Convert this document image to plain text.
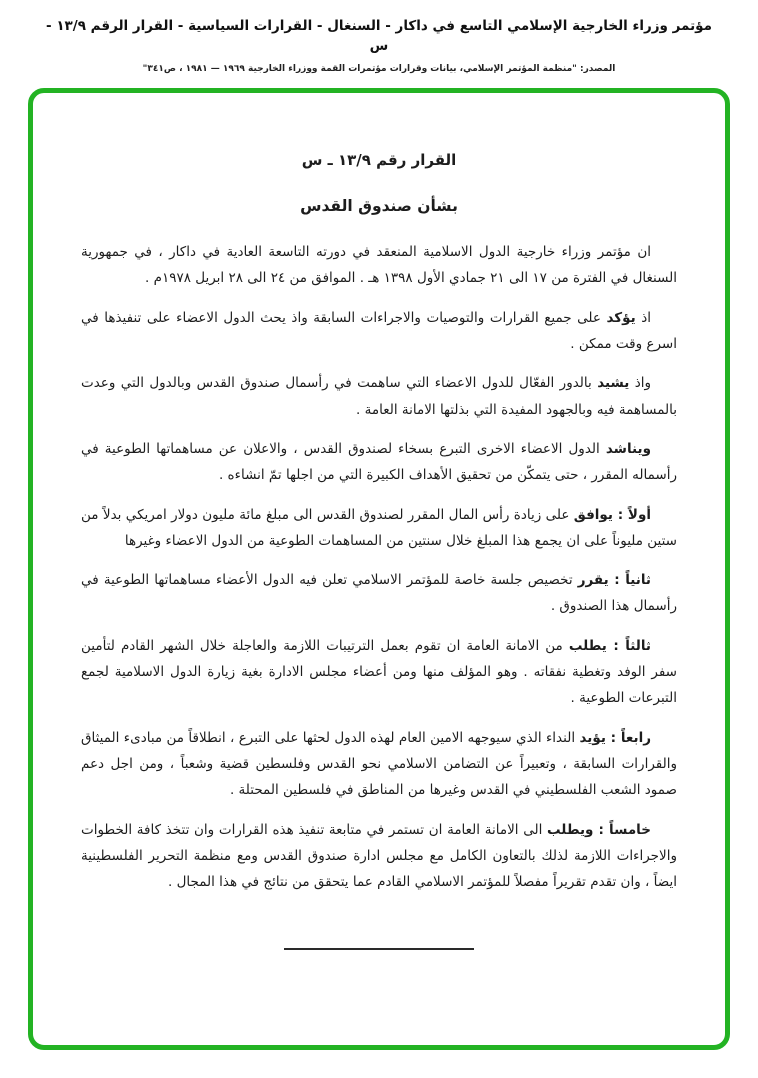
مؤتمر وزراء الخارجية الإسلامي التاسع في داكار - السنغال - القرارات السياسية - القرار الرقم ١٣/٩ - س
المصدر: "منظمة المؤتمر الإسلامي، بيانات وقرارات مؤتمرات القمة ووزراء الخارجية ١٩٦٩ — ١٩٨١ ، ص٣٤١"
القرار رقم ١٣/٩ ـ س
بشأن صندوق القدس

ان مؤتمر وزراء خارجية الدول الاسلامية المنعقد في دورته التاسعة العادية في داكار ، في جمهورية السنغال في الفترة من ١٧ الى ٢١ جمادي الأول ١٣٩٨ هـ . الموافق من ٢٤ الى ٢٨ ابريل ١٩٧٨م .

اذ يؤكد على جميع القرارات والتوصيات والاجراءات السابقة واذ يحث الدول الاعضاء على تنفيذها في اسرع وقت ممكن .

واذ يشيد بالدور الفعّال للدول الاعضاء التي ساهمت في رأسمال صندوق القدس وبالدول التي وعدت بالمساهمة فيه وبالجهود المفيدة التي بذلتها الامانة العامة .

ويناشد الدول الاعضاء الاخرى التبرع بسخاء لصندوق القدس ، والاعلان عن مساهماتها الطوعية في رأسماله المقرر ، حتى يتمكّن من تحقيق الأهداف الكبيرة التي من اجلها تمّ انشاءه .

أولاً : يوافق على زيادة رأس المال المقرر لصندوق القدس الى مبلغ مائة مليون دولار امريكي بدلاً من ستين مليوناً على ان يجمع هذا المبلغ خلال سنتين من المساهمات الطوعية من الدول الاعضاء وغيرها

ثانياً : يقرر تخصيص جلسة خاصة للمؤتمر الاسلامي تعلن فيه الدول الأعضاء مساهماتها الطوعية في رأسمال هذا الصندوق .

ثالثاً : يطلب من الامانة العامة ان تقوم بعمل الترتيبات اللازمة والعاجلة خلال الشهر القادم لتأمين سفر الوفد وتغطية نفقاته . وهو المؤلف منها ومن أعضاء مجلس الادارة بغية زيارة الدول الاسلامية لجمع التبرعات الطوعية .

رابعاً : يؤيد النداء الذي سيوجهه الامين العام لهذه الدول لحثها على التبرع ، انطلاقاً من مبادىء الميثاق والقرارات السابقة ، وتعبيراً عن التضامن الاسلامي نحو القدس وفلسطين قضية وشعباً ، ومن اجل دعم صمود الشعب الفلسطيني في القدس وغيرها من المناطق في فلسطين المحتلة .

خامساً : ويطلب الى الامانة العامة ان تستمر في متابعة تنفيذ هذه القرارات وان تتخذ كافة الخطوات والاجراءات اللازمة لذلك بالتعاون الكامل مع مجلس ادارة صندوق القدس ومع منظمة التحرير الفلسطينية ايضاً ، وان تقدم تقريراً مفصلاً للمؤتمر الاسلامي القادم عما يتحقق من نتائج في هذا المجال .
